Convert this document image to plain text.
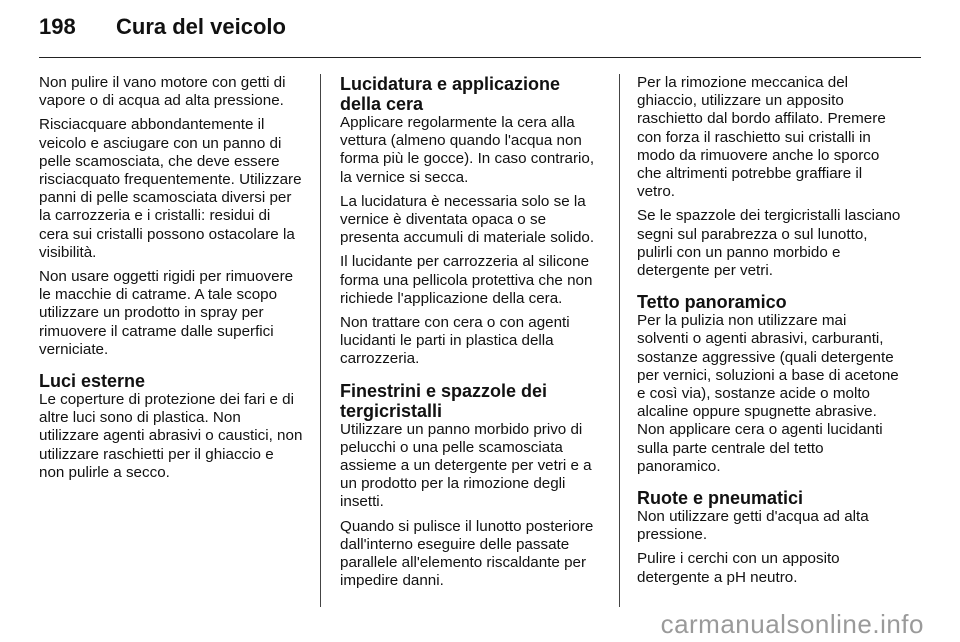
198	Cura del veicolo

Non pulire il vano motore con getti di vapore o di acqua ad alta pressione.

Risciacquare abbondantemente il veicolo e asciugare con un panno di pelle scamosciata, che deve essere risciacquato frequentemente. Utilizzare panni di pelle scamosciata diversi per la carrozzeria e i cristalli: residui di cera sui cristalli possono ostacolare la visibilità.

Non usare oggetti rigidi per rimuovere le macchie di catrame. A tale scopo utilizzare un prodotto in spray per rimuovere il catrame dalle superfici verniciate.

Luci esterne

Le coperture di protezione dei fari e di altre luci sono di plastica. Non utilizzare agenti abrasivi o caustici, non utilizzare raschietti per il ghiaccio e non pulirle a secco.

Lucidatura e applicazione della cera

Applicare regolarmente la cera alla vettura (almeno quando l'acqua non forma più le gocce). In caso contrario, la vernice si secca.

La lucidatura è necessaria solo se la vernice è diventata opaca o se presenta accumuli di materiale solido.

Il lucidante per carrozzeria al silicone forma una pellicola protettiva che non richiede l'applicazione della cera.

Non trattare con cera o con agenti lucidanti le parti in plastica della carrozzeria.

Finestrini e spazzole dei tergicristalli

Utilizzare un panno morbido privo di pelucchi o una pelle scamosciata assieme a un detergente per vetri e a un prodotto per la rimozione degli insetti.

Quando si pulisce il lunotto posteriore dall'interno eseguire delle passate parallele all'elemento riscaldante per impedire danni.

Per la rimozione meccanica del ghiaccio, utilizzare un apposito raschietto dal bordo affilato. Premere con forza il raschietto sui cristalli in modo da rimuovere anche lo sporco che altrimenti potrebbe graffiare il vetro.

Se le spazzole dei tergicristalli lasciano segni sul parabrezza o sul lunotto, pulirli con un panno morbido e detergente per vetri.

Tetto panoramico

Per la pulizia non utilizzare mai solventi o agenti abrasivi, carburanti, sostanze aggressive (quali detergente per vernici, soluzioni a base di acetone e così via), sostanze acide o molto alcaline oppure spugnette abrasive. Non applicare cera o agenti lucidanti sulla parte centrale del tetto panoramico.

Ruote e pneumatici

Non utilizzare getti d'acqua ad alta pressione.

Pulire i cerchi con un apposito detergente a pH neutro.

carmanualsonline.info
